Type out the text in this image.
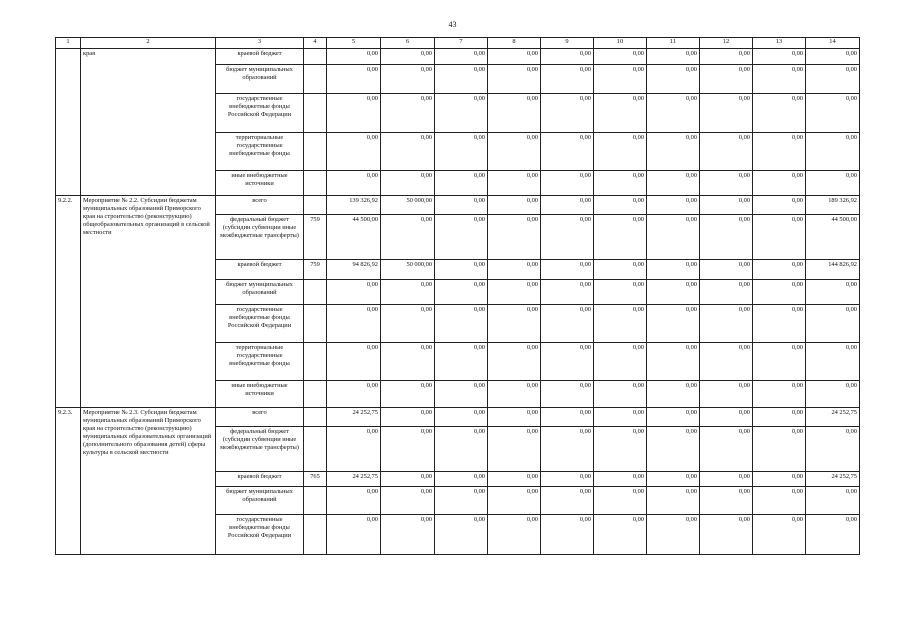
43
1	2	3	4	5	6	7	8	9	10	11	12	13	14
	края	краевой бюджет		0,00	0,00	0,00	0,00	0,00	0,00	0,00	0,00	0,00	0,00
		бюджет муниципальных образований		0,00	0,00	0,00	0,00	0,00	0,00	0,00	0,00	0,00	0,00
		государственные внебюджетные фонды Российской Федерации		0,00	0,00	0,00	0,00	0,00	0,00	0,00	0,00	0,00	0,00
		территориальные государственные внебюджетные фонды		0,00	0,00	0,00	0,00	0,00	0,00	0,00	0,00	0,00	0,00
		иные внебюджетные источники		0,00	0,00	0,00	0,00	0,00	0,00	0,00	0,00	0,00	0,00
9.2.2.	Мероприятие № 2.2. Субсидии бюджетам муниципальных образований Приморского края на строительство (реконструкцию) общеобразовательных организаций в сельской местности	всего		139 326,92	50 000,00	0,00	0,00	0,00	0,00	0,00	0,00	0,00	189 326,92
		федеральный бюджет (субсидии субвенции иные межбюджетные трансферты)	759	44 500,00	0,00	0,00	0,00	0,00	0,00	0,00	0,00	0,00	44 500,00
		краевой бюджет	759	94 826,92	50 000,00	0,00	0,00	0,00	0,00	0,00	0,00	0,00	144 826,92
		бюджет муниципальных образований		0,00	0,00	0,00	0,00	0,00	0,00	0,00	0,00	0,00	0,00
		государственные внебюджетные фонды Российской Федерации		0,00	0,00	0,00	0,00	0,00	0,00	0,00	0,00	0,00	0,00
		территориальные государственные внебюджетные фонды		0,00	0,00	0,00	0,00	0,00	0,00	0,00	0,00	0,00	0,00
		иные внебюджетные источники		0,00	0,00	0,00	0,00	0,00	0,00	0,00	0,00	0,00	0,00
9.2.3.	Мероприятие № 2.3. Субсидии бюджетам муниципальных образований Приморского края на строительство (реконструкцию) муниципальных образовательных организаций (дополнительного образования детей) сферы культуры в сельской местности	всего		24 252,75	0,00	0,00	0,00	0,00	0,00	0,00	0,00	0,00	24 252,75
		федеральный бюджет (субсидии субвенции иные межбюджетные трансферты)		0,00	0,00	0,00	0,00	0,00	0,00	0,00	0,00	0,00	0,00
		краевой бюджет	765	24 252,75	0,00	0,00	0,00	0,00	0,00	0,00	0,00	0,00	24 252,75
		бюджет муниципальных образований		0,00	0,00	0,00	0,00	0,00	0,00	0,00	0,00	0,00	0,00
		государственные внебюджетные фонды Российской Федерации		0,00	0,00	0,00	0,00	0,00	0,00	0,00	0,00	0,00	0,00
